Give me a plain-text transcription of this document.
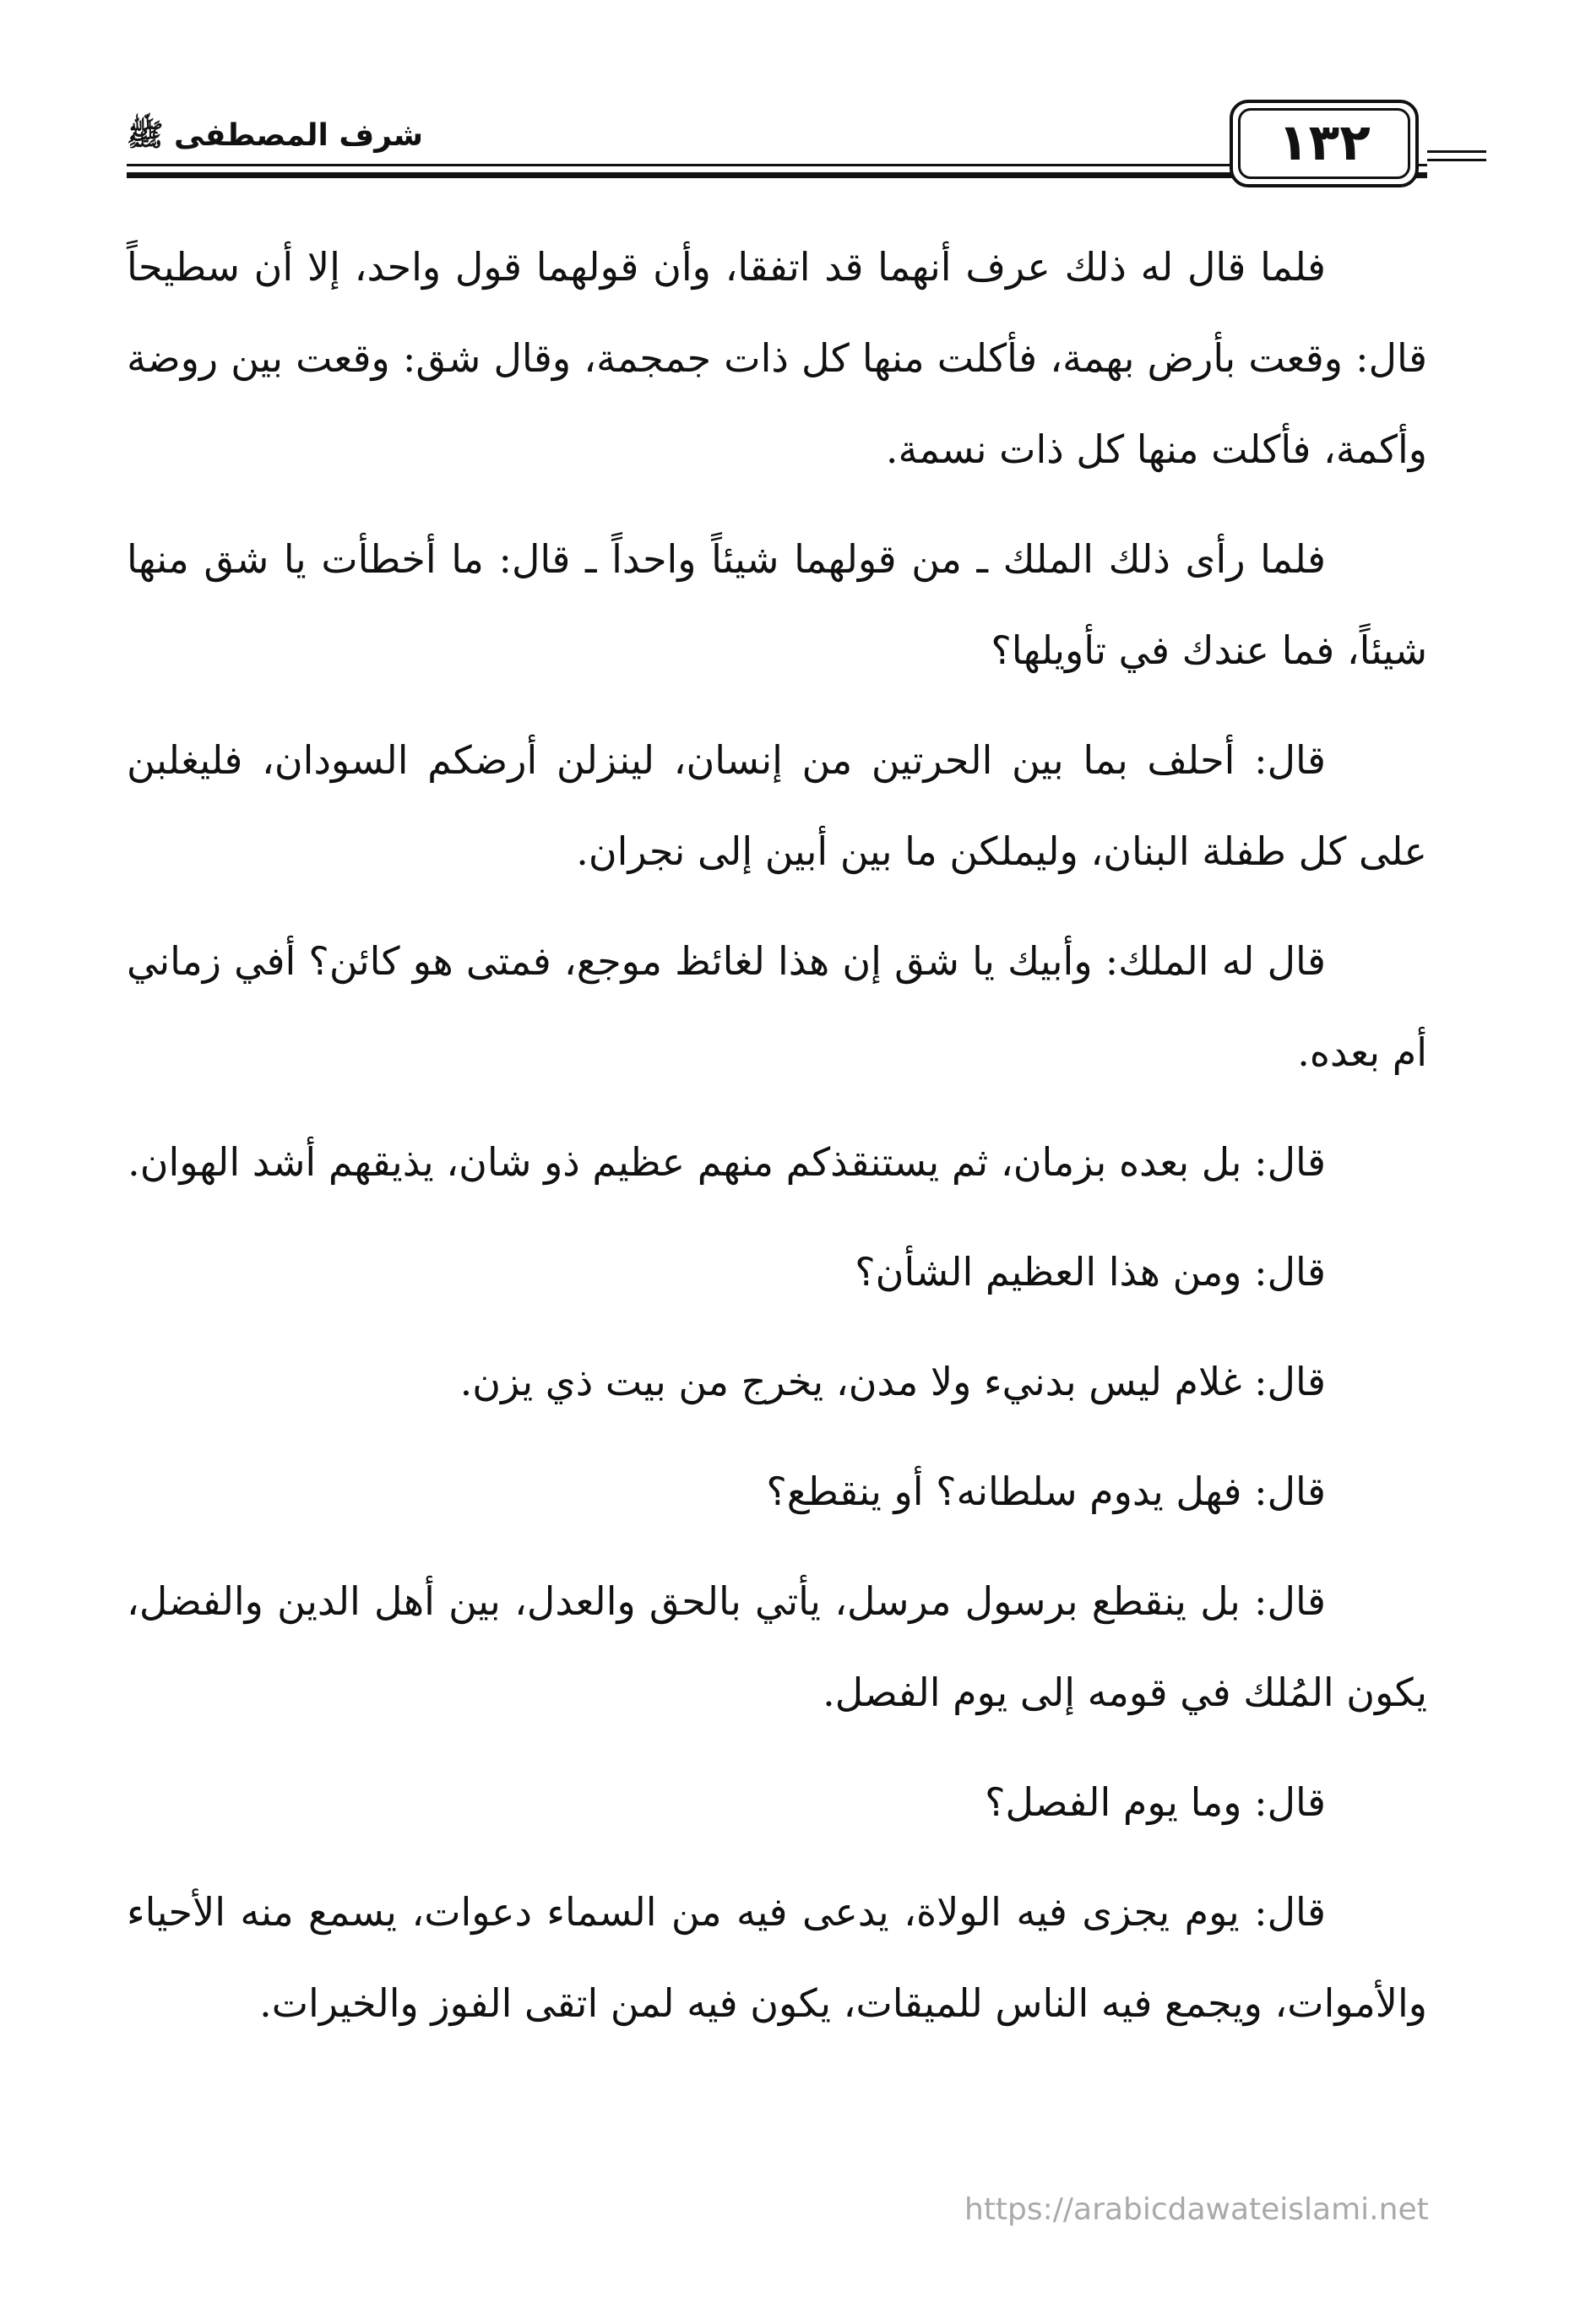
شرف المصطفى ﷺ	١٣٢

فلما قال له ذلك عرف أنهما قد اتفقا، وأن قولهما قول واحد، إلا أن سطيحاً قال: وقعت بأرض بهمة، فأكلت منها كل ذات جمجمة، وقال شق: وقعت بين روضة وأكمة، فأكلت منها كل ذات نسمة.

فلما رأى ذلك الملك ـ من قولهما شيئاً واحداً ـ قال: ما أخطأت يا شق منها شيئاً، فما عندك في تأويلها؟

قال: أحلف بما بين الحرتين من إنسان، لينزلن أرضكم السودان، فليغلبن على كل طفلة البنان، وليملكن ما بين أبين إلى نجران.

قال له الملك: وأبيك يا شق إن هذا لغائظ موجع، فمتى هو كائن؟ أفي زماني أم بعده.

قال: بل بعده بزمان، ثم يستنقذكم منهم عظيم ذو شان، يذيقهم أشد الهوان.

قال: ومن هذا العظيم الشأن؟

قال: غلام ليس بدنيء ولا مدن، يخرج من بيت ذي يزن.

قال: فهل يدوم سلطانه؟ أو ينقطع؟

قال: بل ينقطع برسول مرسل، يأتي بالحق والعدل، بين أهل الدين والفضل، يكون المُلك في قومه إلى يوم الفصل.

قال: وما يوم الفصل؟

قال: يوم يجزى فيه الولاة، يدعى فيه من السماء دعوات، يسمع منه الأحياء والأموات، ويجمع فيه الناس للميقات، يكون فيه لمن اتقى الفوز والخيرات.

https://arabicdawateislami.net
